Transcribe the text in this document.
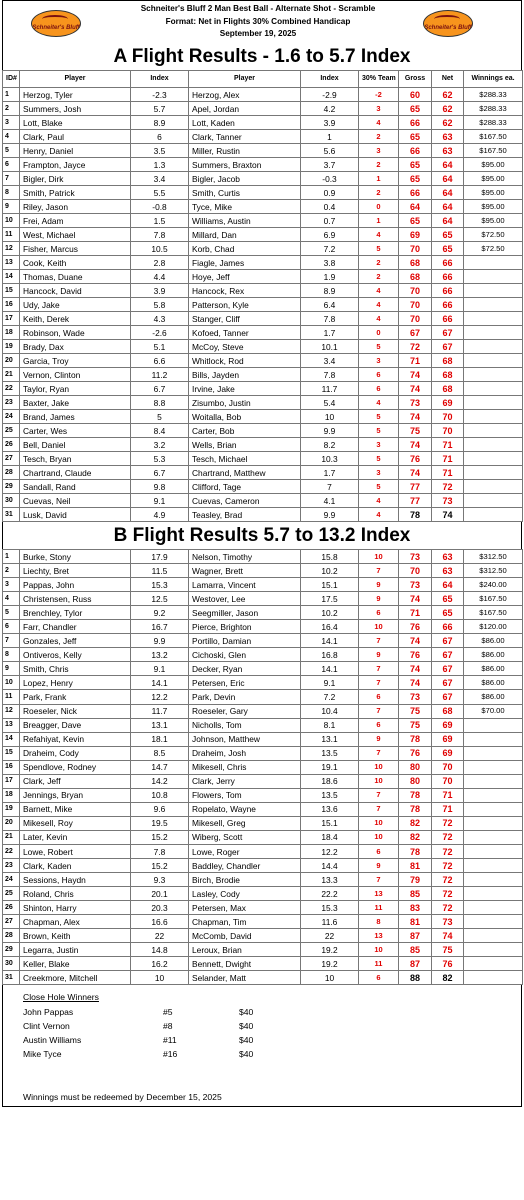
Schneiter's Bluff
Schneiter's Bluff 2 Man Best Ball - Alternate Shot - Scramble
Format: Net in Flights 30% Combined Handicap
September 19, 2025
Schneiter's Bluff
A Flight Results - 1.6 to 5.7 Index
ID#	Player	Index	Player	Index	30% Team	Gross	Net	Winnings ea.
1	Herzog, Tyler	-2.3	Herzog, Alex	-2.9	-2	60	62	$288.33
2	Summers, Josh	5.7	Apel, Jordan	4.2	3	65	62	$288.33
3	Lott, Blake	8.9	Lott, Kaden	3.9	4	66	62	$288.33
4	Clark, Paul	6	Clark, Tanner	1	2	65	63	$167.50
5	Henry, Daniel	3.5	Miller, Rustin	5.6	3	66	63	$167.50
6	Frampton, Jayce	1.3	Summers, Braxton	3.7	2	65	64	$95.00
7	Bigler, Dirk	3.4	Bigler, Jacob	-0.3	1	65	64	$95.00
8	Smith, Patrick	5.5	Smith, Curtis	0.9	2	66	64	$95.00
9	Riley, Jason	-0.8	Tyce, Mike	0.4	0	64	64	$95.00
10	Frei, Adam	1.5	Williams, Austin	0.7	1	65	64	$95.00
11	West, Michael	7.8	Millard, Dan	6.9	4	69	65	$72.50
12	Fisher, Marcus	10.5	Korb, Chad	7.2	5	70	65	$72.50
13	Cook, Keith	2.8	Fiagle, James	3.8	2	68	66	
14	Thomas, Duane	4.4	Hoye, Jeff	1.9	2	68	66	
15	Hancock, David	3.9	Hancock, Rex	8.9	4	70	66	
16	Udy, Jake	5.8	Patterson, Kyle	6.4	4	70	66	
17	Keith, Derek	4.3	Stanger, Cliff	7.8	4	70	66	
18	Robinson, Wade	-2.6	Kofoed, Tanner	1.7	0	67	67	
19	Brady, Dax	5.1	McCoy, Steve	10.1	5	72	67	
20	Garcia, Troy	6.6	Whitlock, Rod	3.4	3	71	68	
21	Vernon, Clinton	11.2	Bills, Jayden	7.8	6	74	68	
22	Taylor, Ryan	6.7	Irvine, Jake	11.7	6	74	68	
23	Baxter, Jake	8.8	Zisumbo, Justin	5.4	4	73	69	
24	Brand, James	5	Woitalla, Bob	10	5	74	70	
25	Carter, Wes	8.4	Carter, Bob	9.9	5	75	70	
26	Bell, Daniel	3.2	Wells, Brian	8.2	3	74	71	
27	Tesch, Bryan	5.3	Tesch, Michael	10.3	5	76	71	
28	Chartrand, Claude	6.7	Chartrand, Matthew	1.7	3	74	71	
29	Sandall, Rand	9.8	Clifford, Tage	7	5	77	72	
30	Cuevas, Neil	9.1	Cuevas, Cameron	4.1	4	77	73	
31	Lusk, David	4.9	Teasley, Brad	9.9	4	78	74	
B Flight Results 5.7 to 13.2 Index
1	Burke, Stony	17.9	Nelson, Timothy	15.8	10	73	63	$312.50
2	Liechty, Bret	11.5	Wagner, Brett	10.2	7	70	63	$312.50
3	Pappas, John	15.3	Lamarra, Vincent	15.1	9	73	64	$240.00
4	Christensen, Russ	12.5	Westover, Lee	17.5	9	74	65	$167.50
5	Brenchley, Tylor	9.2	Seegmiller, Jason	10.2	6	71	65	$167.50
6	Farr, Chandler	16.7	Pierce, Brighton	16.4	10	76	66	$120.00
7	Gonzales, Jeff	9.9	Portillo, Damian	14.1	7	74	67	$86.00
8	Ontiveros, Kelly	13.2	Cichoski, Glen	16.8	9	76	67	$86.00
9	Smith, Chris	9.1	Decker, Ryan	14.1	7	74	67	$86.00
10	Lopez, Henry	14.1	Petersen, Eric	9.1	7	74	67	$86.00
11	Park, Frank	12.2	Park, Devin	7.2	6	73	67	$86.00
12	Roeseler, Nick	11.7	Roeseler, Gary	10.4	7	75	68	$70.00
13	Breagger, Dave	13.1	Nicholls, Tom	8.1	6	75	69	
14	Refahiyat, Kevin	18.1	Johnson, Matthew	13.1	9	78	69	
15	Draheim, Cody	8.5	Draheim, Josh	13.5	7	76	69	
16	Spendlove, Rodney	14.7	Mikesell, Chris	19.1	10	80	70	
17	Clark, Jeff	14.2	Clark, Jerry	18.6	10	80	70	
18	Jennings, Bryan	10.8	Flowers, Tom	13.5	7	78	71	
19	Barnett, Mike	9.6	Ropelato, Wayne	13.6	7	78	71	
20	Mikesell, Roy	19.5	Mikesell, Greg	15.1	10	82	72	
21	Later, Kevin	15.2	Wiberg, Scott	18.4	10	82	72	
22	Lowe, Robert	7.8	Lowe, Roger	12.2	6	78	72	
23	Clark, Kaden	15.2	Baddley, Chandler	14.4	9	81	72	
24	Sessions, Haydn	9.3	Birch, Brodie	13.3	7	79	72	
25	Roland, Chris	20.1	Lasley, Cody	22.2	13	85	72	
26	Shinton, Harry	20.3	Petersen, Max	15.3	11	83	72	
27	Chapman, Alex	16.6	Chapman, Tim	11.6	8	81	73	
28	Brown, Keith	22	McComb, David	22	13	87	74	
29	Legarra, Justin	14.8	Leroux, Brian	19.2	10	85	75	
30	Keller, Blake	16.2	Bennett, Dwight	19.2	11	87	76	
31	Creekmore, Mitchell	10	Selander, Matt	10	6	88	82	
Close Hole Winners
John Pappas	#5	$40
Clint Vernon	#8	$40
Austin Williams	#11	$40
Mike Tyce	#16	$40
Winnings must be redeemed by December 15, 2025
